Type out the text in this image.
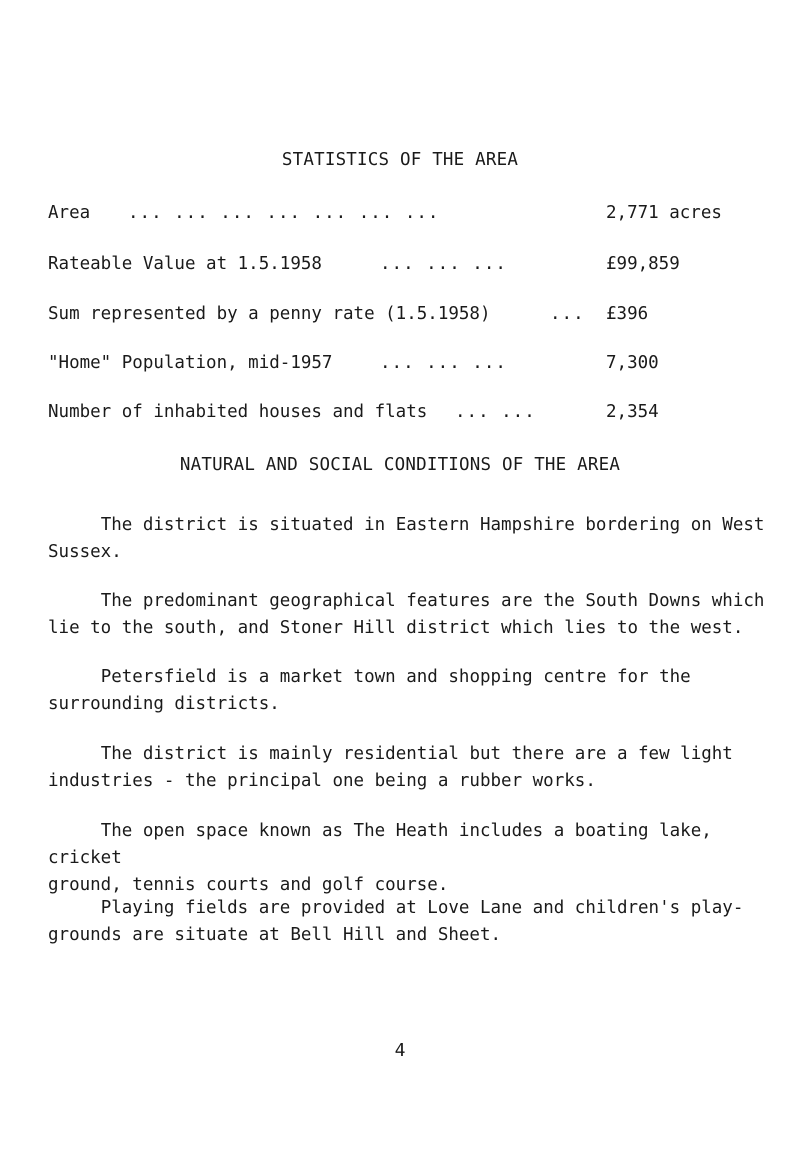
STATISTICS OF THE AREA
Area ... ... ... ... ... ... ...	2,771 acres
Rateable Value at 1.5.1958	... ... ...	£99,859
Sum represented by a penny rate (1.5.1958)	... £396
"Home" Population, mid-1957	... ... ...	7,300
Number of inhabited houses and flats ... ...	2,354
NATURAL AND SOCIAL CONDITIONS OF THE AREA
The district is situated in Eastern Hampshire bordering on West
Sussex.
The predominant geographical features are the South Downs which
lie to the south, and Stoner Hill district which lies to the west.
Petersfield is a market town and shopping centre for the
surrounding districts.
The district is mainly residential but there are a few light
industries - the principal one being a rubber works.
The open space known as The Heath includes a boating lake, cricket
ground, tennis courts and golf course.
Playing fields are provided at Love Lane and children's play-
grounds are situate at Bell Hill and Sheet.
4
